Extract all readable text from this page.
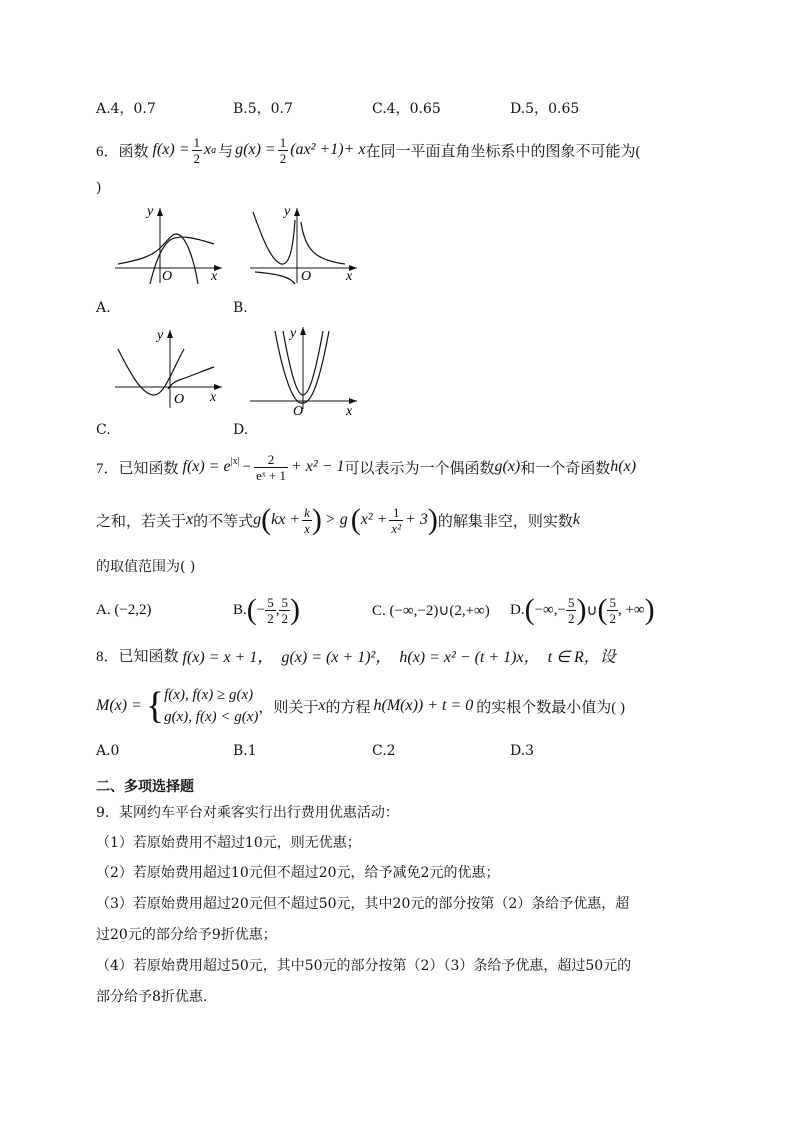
A.4，0.7	B.5，0.7	C.4，0.65	D.5，0.65
6． 函数 $f(x) = \frac{1}{2}$ x a 与 $g(x) = \frac{1}{2} (ax^2 +1)+ x$ 在同一平面直角坐标系中的图象不可能为(
)
y
x
O
A.
y
x
O
B.
y
x
O
C.
y
x
O
D.
7． 已知函数 $f(x) = e^{|x|} - \frac{2}{\text{eˣ + 1}} + x^2 - 1$ 可以表示为一个偶函数 g(x) 和一个奇函数 h(x)
之和，若关于 x 的不等式 g ( kx + $\frac{k}{x}$ ) > g ( $x^2 + \frac{1}{\text{x²}} + 3$ ) 的解集非空，则实数 k
的取值范围为( )
A. (−2,2)	B. ( − $\frac{5}{2}$ , $\frac{5}{2}$ )	C. (−∞,−2)∪(2,+∞) D. ( −∞,− $\frac{5}{2}$ ) ∪ ( $\frac{5}{2}$ , +∞ )
8． 已知函数 f(x) = x + 1， g(x) = (x + 1)²， h(x) = x² − (t + 1)x， t ∈ R，设
M(x) = { f(x), f(x) ≥ g(x)
g(x), f(x) < g(x)
，则关于 x 的方程 h(M(x)) + t = 0 的实根个数最小值为( )
A.0	B.1	C.2	D.3
二、多项选择题
9．某网约车平台对乘客实行出行费用优惠活动：
（1）若原始费用不超过10元，则无优惠；
（2）若原始费用超过10元但不超过20元，给予减免2元的优惠；
（3）若原始费用超过20元但不超过50元，其中20元的部分按第（2）条给予优惠，超
过20元的部分给予9折优惠；
（4）若原始费用超过50元，其中50元的部分按第（2）（3）条给予优惠，超过50元的
部分给予8折优惠.
